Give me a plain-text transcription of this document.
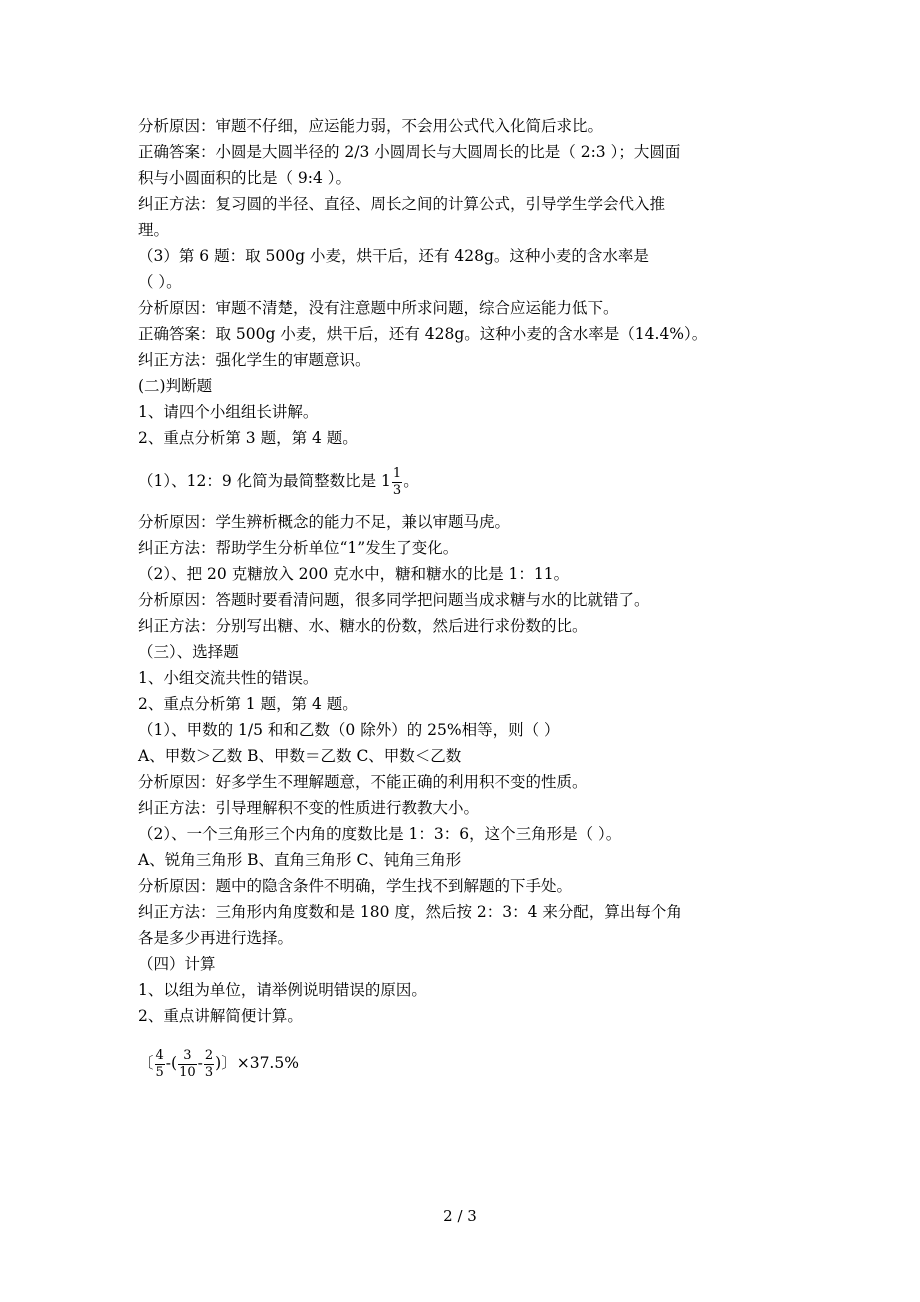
分析原因：审题不仔细，应运能力弱，不会用公式代入化简后求比。
正确答案：小圆是大圆半径的 2/3 小圆周长与大圆周长的比是（ 2:3 ）；大圆面
积与小圆面积的比是（ 9:4 ）。
纠正方法：复习圆的半径、直径、周长之间的计算公式，引导学生学会代入推
理。
（3）第 6 题：取 500g 小麦，烘干后，还有 428g。这种小麦的含水率是
（ ）。
分析原因：审题不清楚，没有注意题中所求问题，综合应运能力低下。
正确答案：取 500g 小麦，烘干后，还有 428g。这种小麦的含水率是（14.4%）。
纠正方法：强化学生的审题意识。
(二)判断题
1、请四个小组组长讲解。
2、重点分析第 3 题，第 4 题。
（1）、12：9 化简为最简整数比是 $1 \frac{1}{3}$ 。
分析原因：学生辨析概念的能力不足，兼以审题马虎。
纠正方法：帮助学生分析单位“1”发生了变化。
（2）、把 20 克糖放入 200 克水中，糖和糖水的比是 1：11。
分析原因：答题时要看清问题，很多同学把问题当成求糖与水的比就错了。
纠正方法：分别写出糖、水、糖水的份数，然后进行求份数的比。
（三）、选择题
1、小组交流共性的错误。
2、重点分析第 1 题，第 4 题。
（1）、甲数的 1/5 和和乙数（0 除外）的 25%相等，则（ ）
A、甲数＞乙数 B、甲数＝乙数 C、甲数＜乙数
分析原因：好多学生不理解题意，不能正确的利用积不变的性质。
纠正方法：引导理解积不变的性质进行教教大小。
（2）、一个三角形三个内角的度数比是 1：3：6，这个三角形是（ ）。
A、锐角三角形 B、直角三角形 C、钝角三角形
分析原因：题中的隐含条件不明确，学生找不到解题的下手处。
纠正方法：三角形内角度数和是 180 度，然后按 2：3：4 来分配，算出每个角
各是多少再进行选择。
（四）计算
1、以组为单位，请举例说明错误的原因。
2、重点讲解简便计算。
〔 $\frac{4}{5}$ -( $\frac{3}{10} - \frac{2}{3}$ )〕×37.5%
2 / 3
